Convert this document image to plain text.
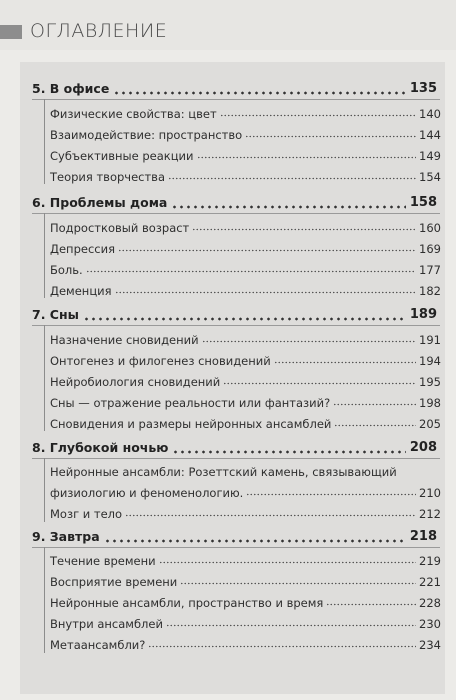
ОГЛАВЛЕНИЕ
5. В офисе	135
Физические свойства: цвет	140
Взаимодействие: пространство	144
Субъективные реакции	149
Теория творчества	154
6. Проблемы дома	158
Подростковый возраст	160
Депрессия	169
Боль.	177
Деменция	182
7. Сны	189
Назначение сновидений	191
Онтогенез и филогенез сновидений	194
Нейробиология сновидений	195
Сны — отражение реальности или фантазий?	198
Сновидения и размеры нейронных ансамблей	205
8. Глубокой ночью	208
Нейронные ансамбли: Розеттский камень, связывающий
физиологию и феноменологию.	210
Мозг и тело	212
9. Завтра	218
Течение времени	219
Восприятие времени	221
Нейронные ансамбли, пространство и время	228
Внутри ансамблей	230
Метаансамбли?	234
